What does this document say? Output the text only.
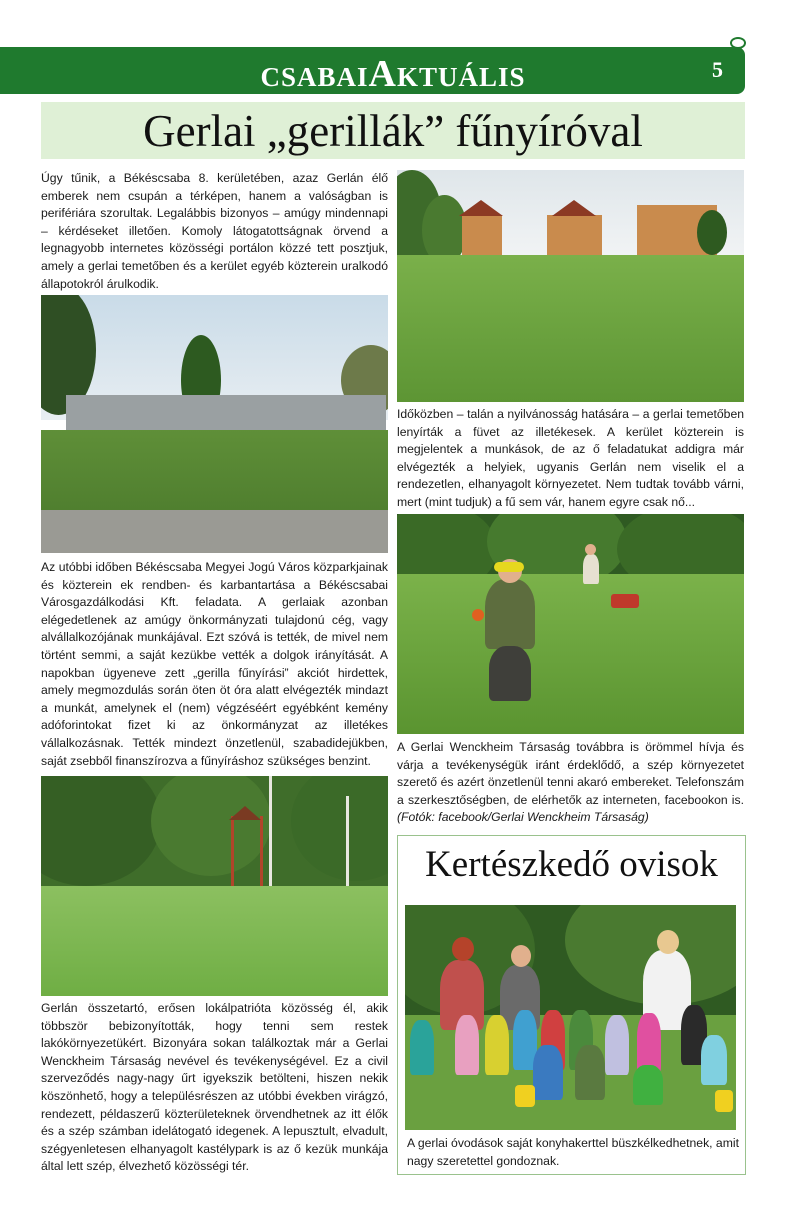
CSABAIAKTUÁLIS	5
Gerlai „gerillák” fűnyíróval
Úgy tűnik, a Békéscsaba 8. kerületében, azaz Gerlán élő emberek nem csupán a térképen, hanem a valóságban is perifériára szorultak. Legalábbis bizonyos – amúgy mindennapi – kérdéseket illetően. Komoly látogatottságnak örvend a legnagyobb internetes közösségi portálon közzé tett posztjuk, amely a gerlai temetőben és a kerület egyéb közterein uralkodó állapotokról árulkodik.
Az utóbbi időben Békéscsaba Megyei Jogú Város közparkjainak és közterein ek rendben- és karbantartása a Békéscsabai Városgazdálkodási Kft. feladata. A gerlaiak azonban elégedetlenek az amúgy önkormányzati tulajdonú cég, vagy alvállalkozójának munkájával. Ezt szóvá is tették, de mivel nem történt semmi, a saját kezükbe vették a dolgok irányítását. A napokban ügyeneve zett „gerilla fűnyírási” akciót hirdettek, amely megmozdulás során öten öt óra alatt elvégezték mindazt a munkát, amelynek el (nem) végzéséért egyébként kemény adóforintokat fizet ki az önkormányzat az illetékes vállalkozásnak. Tették mindezt önzetlenül, szabadidejükben, saját zsebből finanszírozva a fűnyíráshoz szükséges benzint.
Gerlán összetartó, erősen lokálpatrióta közösség él, akik többször bebizonyították, hogy tenni sem restek lakókörnyezetükért. Bizonyára sokan találkoztak már a Gerlai Wenckheim Társaság nevével és tevékenységével. Ez a civil szerveződés nagy-nagy űrt igyekszik betölteni, hiszen nekik köszönhető, hogy a településrészen az utóbbi években virágzó, rendezett, példaszerű közterületeknek örvendhetnek az itt élők és a szép számban idelátogató idegenek. A lepusztult, elvadult, szégyenletesen elhanyagolt kastélypark is az ő kezük munkája által lett szép, élvezhető közösségi tér.
Időközben – talán a nyilvánosság hatására – a gerlai temetőben lenyírták a füvet az illetékesek. A kerület közterein is megjelentek a munkások, de az ő feladatukat addigra már elvégezték a helyiek, ugyanis Gerlán nem viselik el a rendezetlen, elhanyagolt környezetet. Nem tudtak tovább várni, mert (mint tudjuk) a fű sem vár, hanem egyre csak nő...
A Gerlai Wenckheim Társaság továbbra is örömmel hívja és várja a tevékenységük iránt érdeklődő, a szép környezetet szerető és azért önzetlenül tenni akaró embereket. Telefonszám a szerkesztőségben, de elérhetők az interneten, facebookon is. (Fotók: facebook/Gerlai Wenckheim Társaság)
Kertészkedő ovisok
A gerlai óvodások saját konyhakerttel büszkélkedhetnek, amit nagy szeretettel gondoznak.
